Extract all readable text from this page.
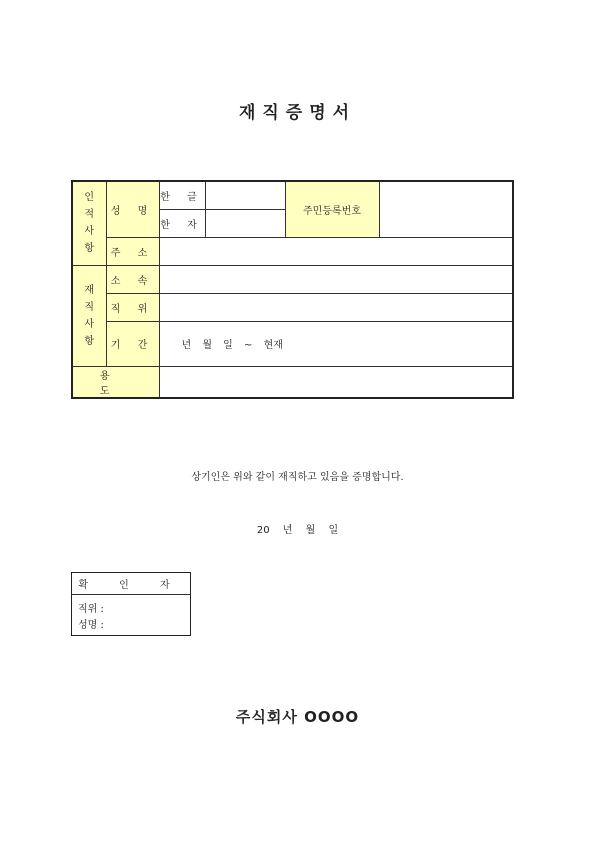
재직증명서
인적사항	성 명	한 글		주민등록번호	
		한 자			
	주 소				
재직사항	소 속				
	직 위				
	기 간	년 월 일 ~ 현재			
용 도					
상기인은 위와 같이 재직하고 있음을 증명합니다.
20 년 월 일
확 인 자
직위 :
성명 :
주식회사 OOOO
